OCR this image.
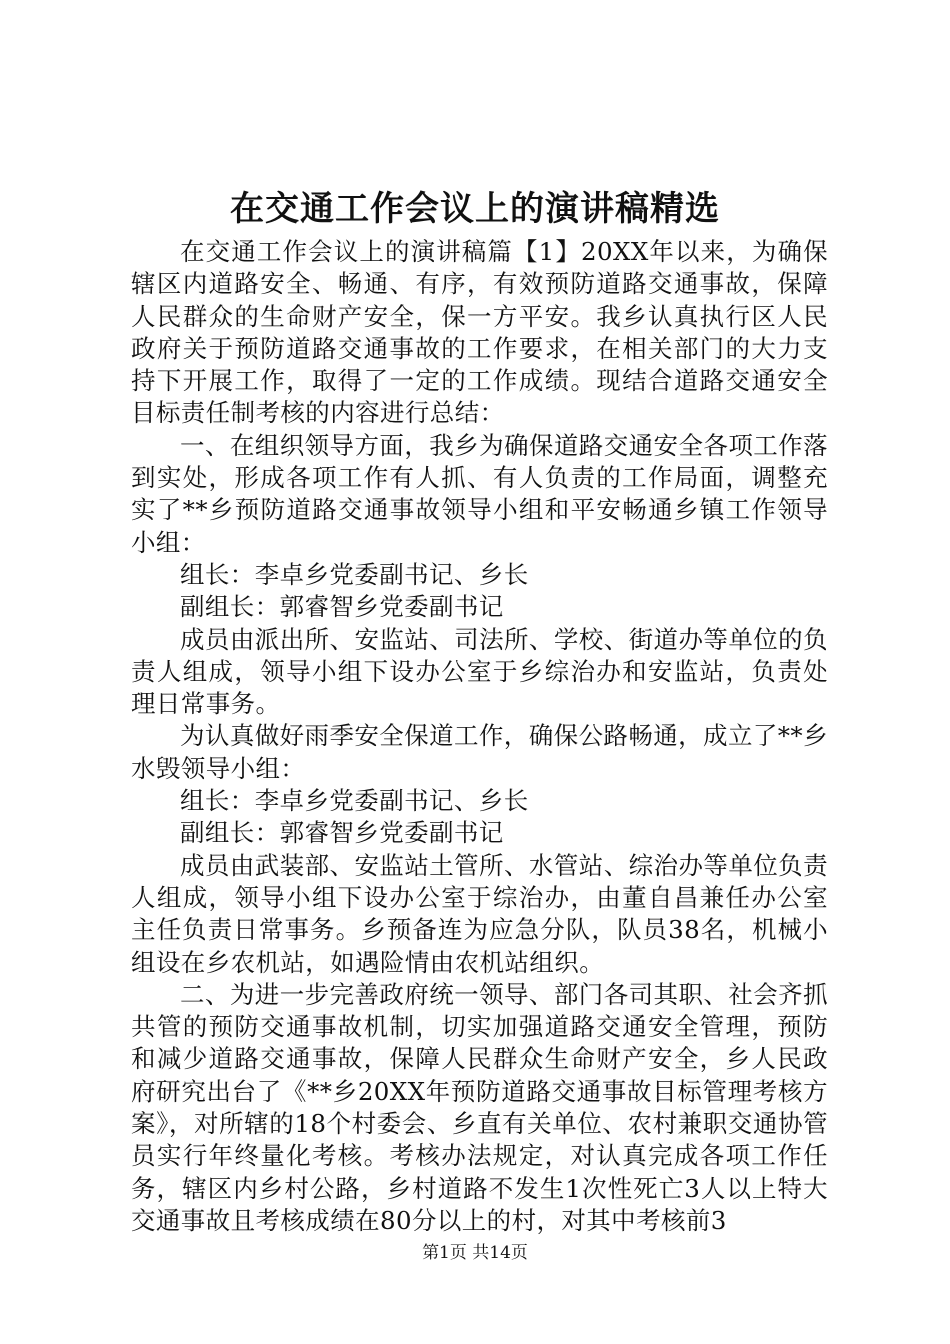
在交通工作会议上的演讲稿精选

在交通工作会议上的演讲稿篇【1】20XX年以来，为确保辖区内道路安全、畅通、有序，有效预防道路交通事故，保障人民群众的生命财产安全，保一方平安。我乡认真执行区人民政府关于预防道路交通事故的工作要求，在相关部门的大力支持下开展工作，取得了一定的工作成绩。现结合道路交通安全目标责任制考核的内容进行总结：

一、在组织领导方面，我乡为确保道路交通安全各项工作落到实处，形成各项工作有人抓、有人负责的工作局面，调整充实了**乡预防道路交通事故领导小组和平安畅通乡镇工作领导小组：

组长：李卓乡党委副书记、乡长

副组长：郭睿智乡党委副书记

成员由派出所、安监站、司法所、学校、街道办等单位的负责人组成，领导小组下设办公室于乡综治办和安监站，负责处理日常事务。

为认真做好雨季安全保道工作，确保公路畅通，成立了**乡水毁领导小组：

组长：李卓乡党委副书记、乡长

副组长：郭睿智乡党委副书记

成员由武装部、安监站土管所、水管站、综治办等单位负责人组成，领导小组下设办公室于综治办，由董自昌兼任办公室主任负责日常事务。乡预备连为应急分队，队员38名，机械小组设在乡农机站，如遇险情由农机站组织。

二、为进一步完善政府统一领导、部门各司其职、社会齐抓共管的预防交通事故机制，切实加强道路交通安全管理，预防和减少道路交通事故，保障人民群众生命财产安全，乡人民政府研究出台了《**乡20XX年预防道路交通事故目标管理考核方案》，对所辖的18个村委会、乡直有关单位、农村兼职交通协管员实行年终量化考核。考核办法规定，对认真完成各项工作任务，辖区内乡村公路，乡村道路不发生1次性死亡3人以上特大交通事故且考核成绩在80分以上的村，对其中考核前3

第1页 共14页
